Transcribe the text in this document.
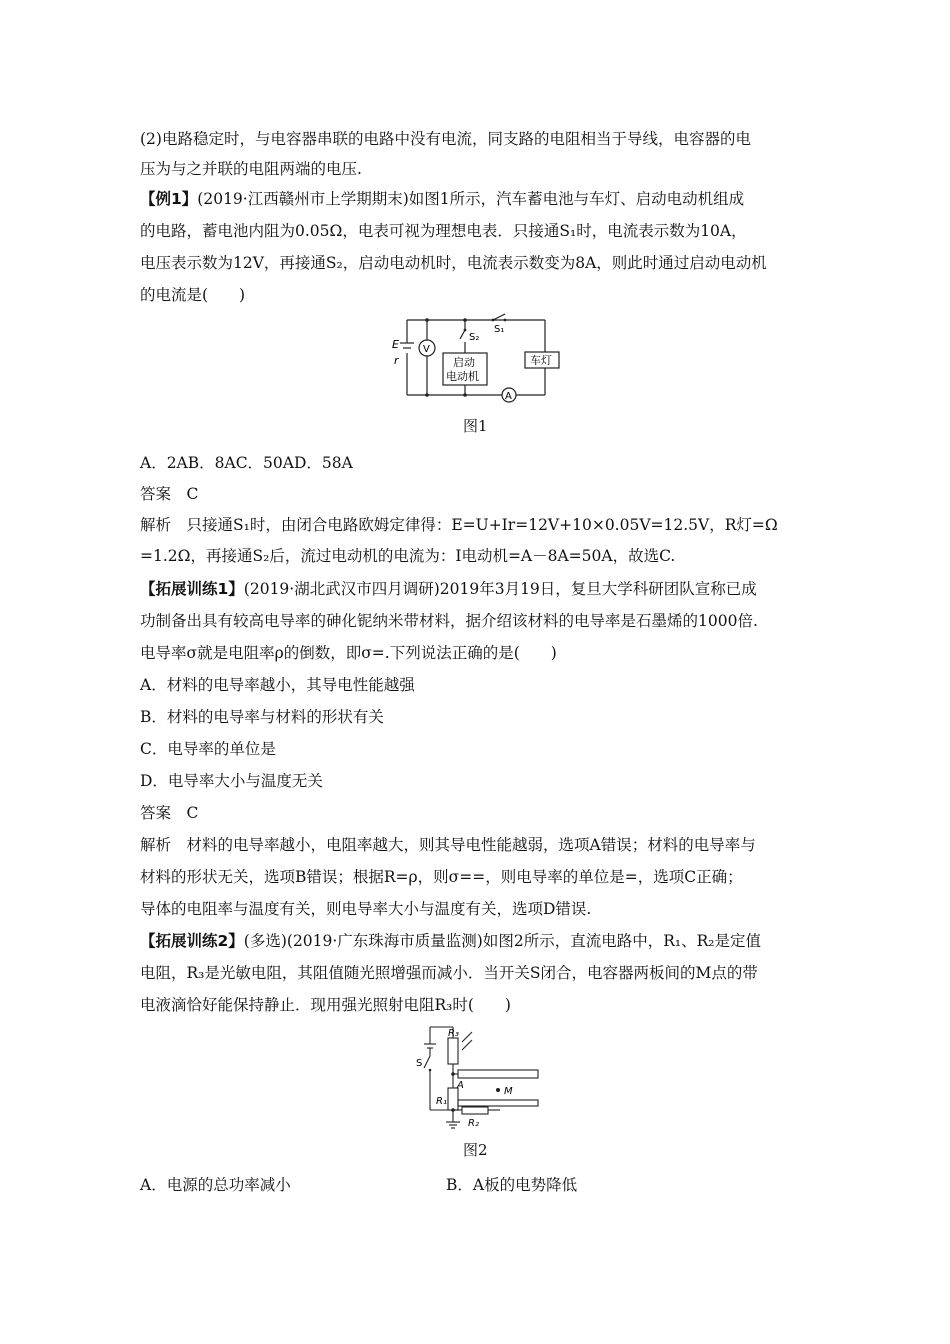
(2)电路稳定时，与电容器串联的电路中没有电流，同支路的电阻相当于导线，电容器的电
压为与之并联的电阻两端的电压.
【例1】(2019·江西赣州市上学期期末)如图1所示，汽车蓄电池与车灯、启动电动机组成
的电路，蓄电池内阻为0.05Ω，电表可视为理想电表．只接通S₁时，电流表示数为10A，
电压表示数为12V，再接通S₂，启动电动机时，电流表示数变为8A，则此时通过启动电动机
的电流是(　　)
E
r
V
S₂
S₁
启动
电动机
车灯
A
图1
A．2AB．8AC．50AD．58A
答案　C
解析　只接通S₁时，由闭合电路欧姆定律得：E=U+Ir=12V+10×0.05V=12.5V，R灯=Ω
=1.2Ω，再接通S₂后，流过电动机的电流为：I电动机=A－8A=50A，故选C.
【拓展训练1】(2019·湖北武汉市四月调研)2019年3月19日，复旦大学科研团队宣称已成
功制备出具有较高电导率的砷化铌纳米带材料，据介绍该材料的电导率是石墨烯的1000倍.
电导率σ就是电阻率ρ的倒数，即σ=.下列说法正确的是(　　)
A．材料的电导率越小，其导电性能越强
B．材料的电导率与材料的形状有关
C．电导率的单位是
D．电导率大小与温度无关
答案　C
解析　材料的电导率越小，电阻率越大，则其导电性能越弱，选项A错误；材料的电导率与
材料的形状无关，选项B错误；根据R=ρ，则σ==，则电导率的单位是=，选项C正确；
导体的电阻率与温度有关，则电导率大小与温度有关，选项D错误.
【拓展训练2】(多选)(2019·广东珠海市质量监测)如图2所示，直流电路中，R₁、R₂是定值
电阻，R₃是光敏电阻，其阻值随光照增强而减小．当开关S闭合，电容器两板间的M点的带
电液滴恰好能保持静止．现用强光照射电阻R₃时(　　)
R₃
S
A
M
R₁
R₂
图2
A．电源的总功率减小	B．A板的电势降低
